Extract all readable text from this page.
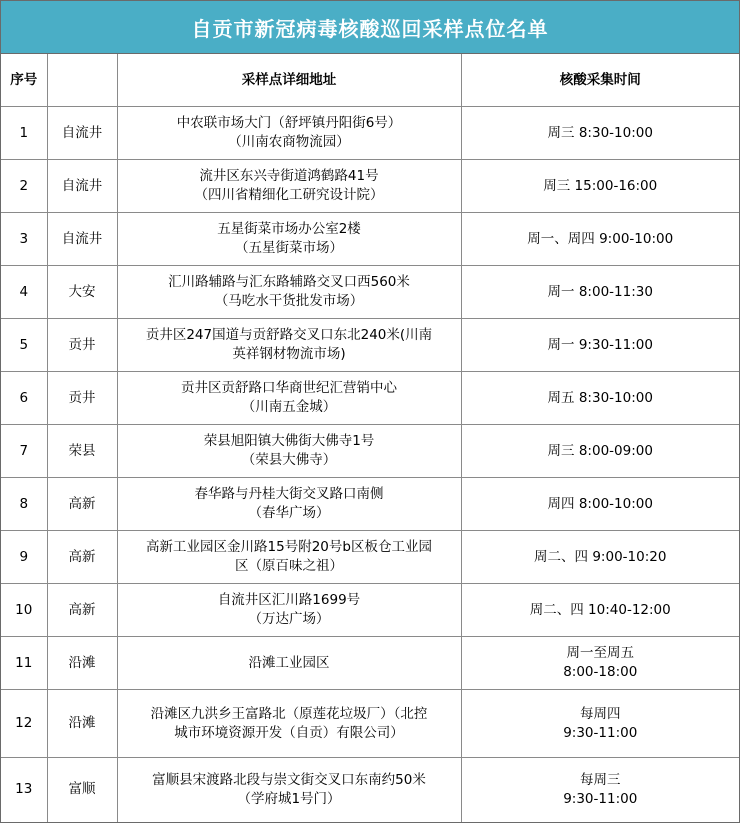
自贡市新冠病毒核酸巡回采样点位名单
序号		采样点详细地址	核酸采集时间
1	自流井	中农联市场大门（舒坪镇丹阳街6号）
（川南农商物流园）	周三 8:30-10:00

2	自流井	流井区东兴寺街道鸿鹤路41号
（四川省精细化工研究设计院）	周三 15:00-16:00

3	自流井	五星街菜市场办公室2楼
（五星街菜市场）	周一、周四 9:00-10:00

4	大安	汇川路辅路与汇东路辅路交叉口西560米
（马吃水干货批发市场）	周一 8:00-11:30

5	贡井	贡井区247国道与贡舒路交叉口东北240米(川南
英祥钢材物流市场)	周一 9:30-11:00

6	贡井	贡井区贡舒路口华商世纪汇营销中心
（川南五金城）	周五 8:30-10:00

7	荣县	荣县旭阳镇大佛街大佛寺1号
（荣县大佛寺）	周三 8:00-09:00

8	高新	春华路与丹桂大街交叉路口南侧
（春华广场）	周四 8:00-10:00

9	高新	高新工业园区金川路15号附20号b区板仓工业园
区（原百味之祖）	周二、四 9:00-10:20

10	高新	自流井区汇川路1699号
（万达广场）	周二、四 10:40-12:00

11	沿滩	沿滩工业园区	周一至周五
8:00-18:00

12	沿滩	沿滩区九洪乡王富路北（原莲花垃圾厂）（北控
城市环境资源开发（自贡）有限公司）	每周四
9:30-11:00

13	富顺	富顺县宋渡路北段与崇文街交叉口东南约50米
（学府城1号门）	每周三
9:30-11:00
